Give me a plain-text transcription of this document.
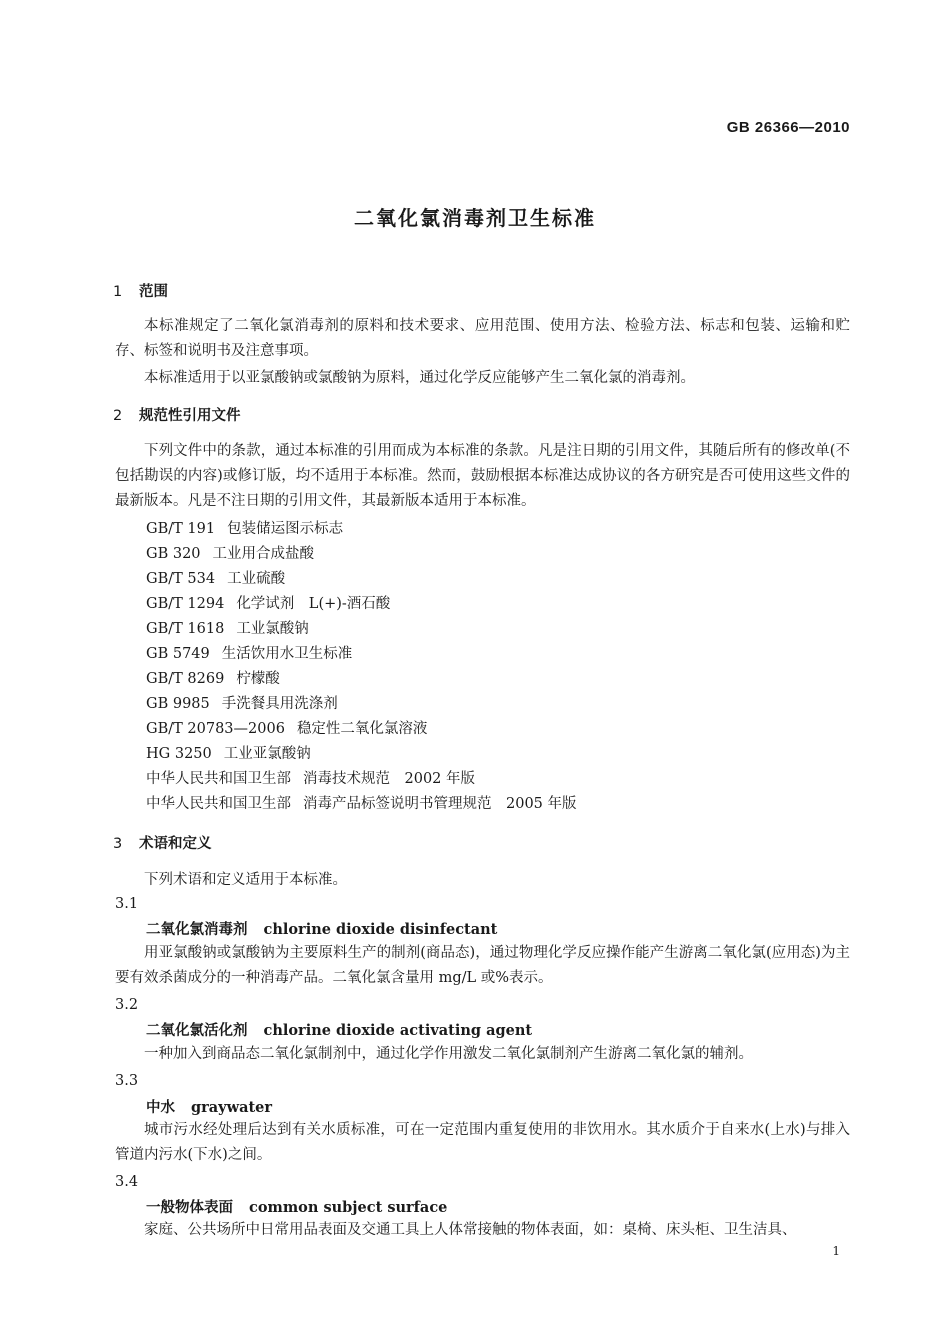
GB 26366—2010
二氧化氯消毒剂卫生标准
1 范围
本标准规定了二氧化氯消毒剂的原料和技术要求、应用范围、使用方法、检验方法、标志和包装、运输和贮存、标签和说明书及注意事项。
本标准适用于以亚氯酸钠或氯酸钠为原料，通过化学反应能够产生二氧化氯的消毒剂。
2 规范性引用文件
下列文件中的条款，通过本标准的引用而成为本标准的条款。凡是注日期的引用文件，其随后所有的修改单(不包括勘误的内容)或修订版，均不适用于本标准。然而，鼓励根据本标准达成协议的各方研究是否可使用这些文件的最新版本。凡是不注日期的引用文件，其最新版本适用于本标准。
GB/T 191 包装储运图示标志
GB 320 工业用合成盐酸
GB/T 534 工业硫酸
GB/T 1294 化学试剂　L(+)-酒石酸
GB/T 1618 工业氯酸钠
GB 5749 生活饮用水卫生标准
GB/T 8269 柠檬酸
GB 9985 手洗餐具用洗涤剂
GB/T 20783—2006 稳定性二氧化氯溶液
HG 3250 工业亚氯酸钠
中华人民共和国卫生部 消毒技术规范　2002 年版
中华人民共和国卫生部 消毒产品标签说明书管理规范　2005 年版
3 术语和定义
下列术语和定义适用于本标准。
3.1
二氧化氯消毒剂 chlorine dioxide disinfectant
用亚氯酸钠或氯酸钠为主要原料生产的制剂(商品态)，通过物理化学反应操作能产生游离二氧化氯(应用态)为主要有效杀菌成分的一种消毒产品。二氧化氯含量用 mg/L 或%表示。
3.2
二氧化氯活化剂 chlorine dioxide activating agent
一种加入到商品态二氧化氯制剂中，通过化学作用激发二氧化氯制剂产生游离二氧化氯的辅剂。
3.3
中水 graywater
城市污水经处理后达到有关水质标准，可在一定范围内重复使用的非饮用水。其水质介于自来水(上水)与排入管道内污水(下水)之间。
3.4
一般物体表面 common subject surface
家庭、公共场所中日常用品表面及交通工具上人体常接触的物体表面，如：桌椅、床头柜、卫生洁具、
1
